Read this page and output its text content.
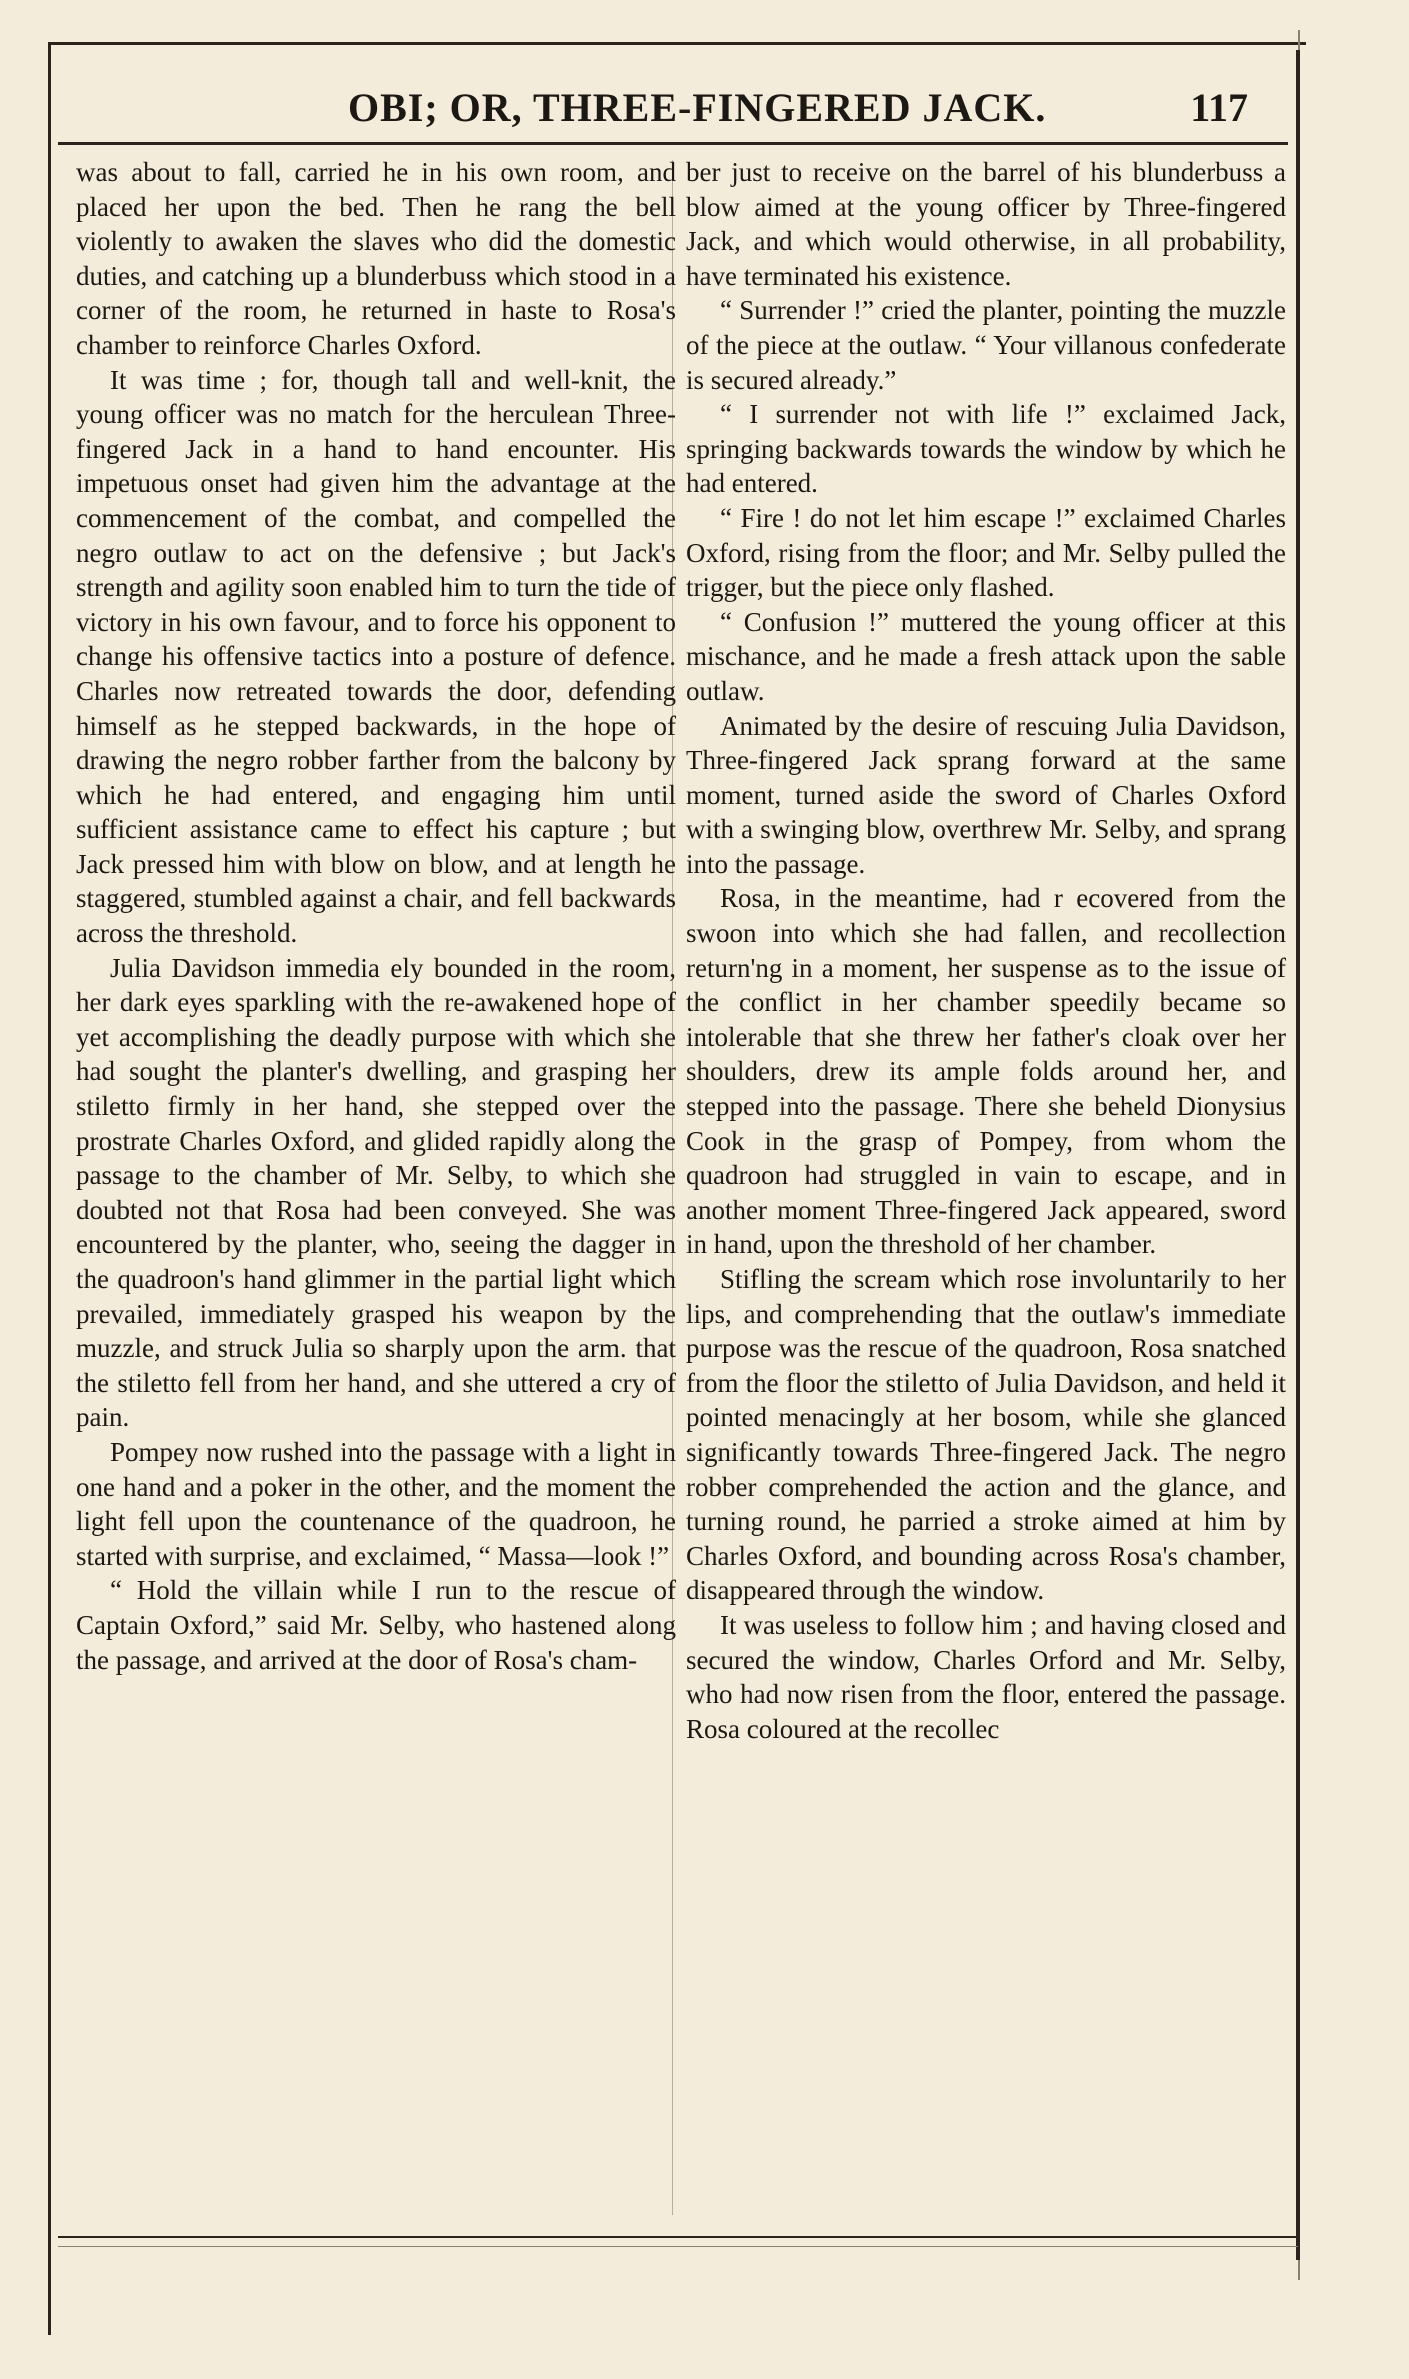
OBI; OR, THREE-FINGERED JACK.	117

was about to fall, carried he in his own room, and placed her upon the bed. Then he rang the bell violently to awaken the slaves who did the domestic duties, and catching up a blunderbuss which stood in a corner of the room, he returned in haste to Rosa's chamber to reinforce Charles Oxford.

It was time ; for, though tall and well-knit, the young officer was no match for the herculean Three-fingered Jack in a hand to hand encounter. His impetuous onset had given him the advantage at the commencement of the combat, and compelled the negro outlaw to act on the defensive ; but Jack's strength and agility soon enabled him to turn the tide of victory in his own favour, and to force his opponent to change his offensive tactics into a posture of defence. Charles now retreated towards the door, defending himself as he stepped backwards, in the hope of drawing the negro robber farther from the balcony by which he had entered, and engaging him until sufficient assistance came to effect his capture ; but Jack pressed him with blow on blow, and at length he staggered, stumbled against a chair, and fell backwards across the threshold.

Julia Davidson immedia ely bounded in the room, her dark eyes sparkling with the re-awakened hope of yet accomplishing the deadly purpose with which she had sought the planter's dwelling, and grasping her stiletto firmly in her hand, she stepped over the prostrate Charles Oxford, and glided rapidly along the passage to the chamber of Mr. Selby, to which she doubted not that Rosa had been conveyed. She was encountered by the planter, who, seeing the dagger in the quadroon's hand glimmer in the partial light which prevailed, immediately grasped his weapon by the muzzle, and struck Julia so sharply upon the arm. that the stiletto fell from her hand, and she uttered a cry of pain.

Pompey now rushed into the passage with a light in one hand and a poker in the other, and the moment the light fell upon the countenance of the quadroon, he started with surprise, and exclaimed, “ Massa—look !”

“ Hold the villain while I run to the rescue of Captain Oxford,” said Mr. Selby, who hastened along the passage, and arrived at the door of Rosa's cham-

ber just to receive on the barrel of his blunderbuss a blow aimed at the young officer by Three-fingered Jack, and which would otherwise, in all probability, have terminated his existence.

“ Surrender !” cried the planter, pointing the muzzle of the piece at the outlaw. “ Your villanous confederate is secured already.”

“ I surrender not with life !” exclaimed Jack, springing backwards towards the window by which he had entered.

“ Fire ! do not let him escape !” exclaimed Charles Oxford, rising from the floor; and Mr. Selby pulled the trigger, but the piece only flashed.

“ Confusion !” muttered the young officer at this mischance, and he made a fresh attack upon the sable outlaw.

Animated by the desire of rescuing Julia Davidson, Three-fingered Jack sprang forward at the same moment, turned aside the sword of Charles Oxford with a swinging blow, overthrew Mr. Selby, and sprang into the passage.

Rosa, in the meantime, had r ecovered from the swoon into which she had fallen, and recollection return'ng in a moment, her suspense as to the issue of the conflict in her chamber speedily became so intolerable that she threw her father's cloak over her shoulders, drew its ample folds around her, and stepped into the passage. There she beheld Dionysius Cook in the grasp of Pompey, from whom the quadroon had struggled in vain to escape, and in another moment Three-fingered Jack appeared, sword in hand, upon the threshold of her chamber.

Stifling the scream which rose involuntarily to her lips, and comprehending that the outlaw's immediate purpose was the rescue of the quadroon, Rosa snatched from the floor the stiletto of Julia Davidson, and held it pointed menacingly at her bosom, while she glanced significantly towards Three-fingered Jack. The negro robber comprehended the action and the glance, and turning round, he parried a stroke aimed at him by Charles Oxford, and bounding across Rosa's chamber, disappeared through the window.

It was useless to follow him ; and having closed and secured the window, Charles Orford and Mr. Selby, who had now risen from the floor, entered the passage. Rosa coloured at the recollec
